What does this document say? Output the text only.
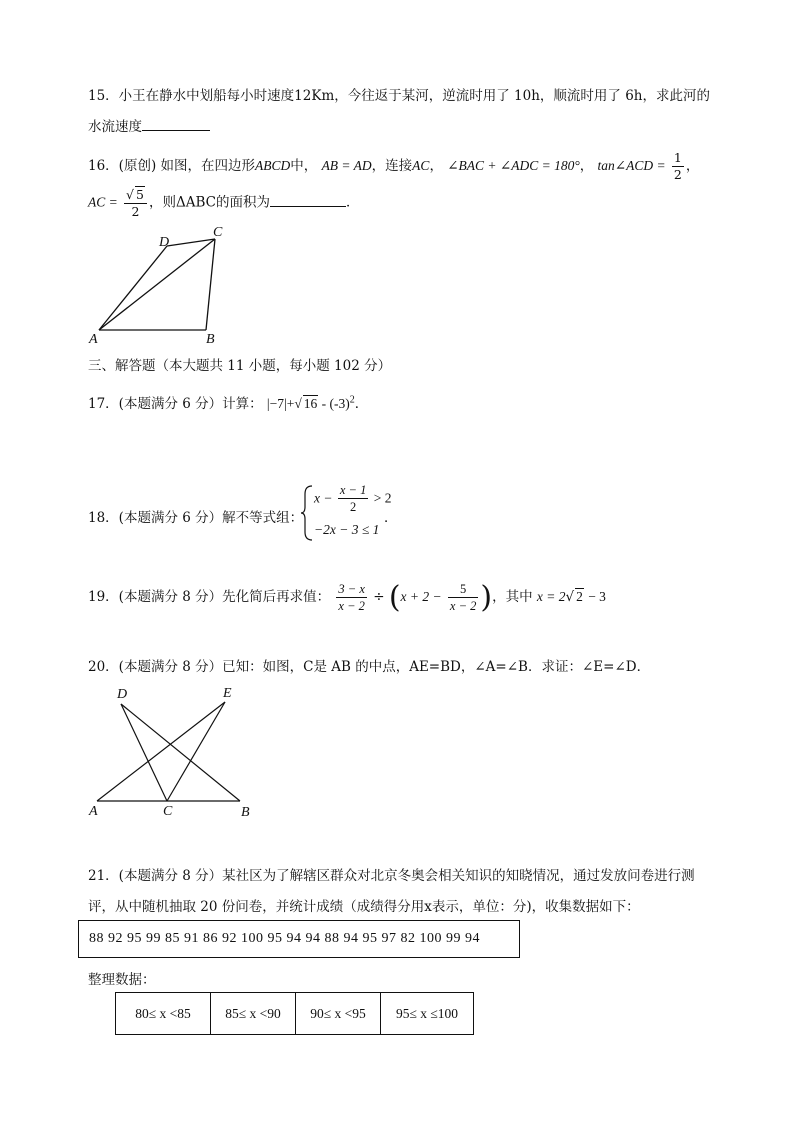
15．小王在静水中划船每小时速度12Km，今往返于某河，逆流时用了 10h，顺流时用了 6h，求此河的
水流速度
16．(原创) 如图，在四边形ABCD中， AB = AD，连接AC， ∠BAC + ∠ADC = 180°， tan∠ACD = $\frac{1}{2}$ ，
AC = $\frac{√ 5}{2}$ ，则ΔABC的面积为	．
D
C
A	B
三、解答题（本大题共 11 小题，每小题 102 分）
17．(本题满分 6 分）计算： |−7|+√ $16 - (-3)^2$．
18．(本题满分 6 分）解不等式组：
$x - \frac{x - 1}{2} > 2$
−2x − 3 ≤ 1
．
19．(本题满分 8 分）先化简后再求值： $\frac{3 - x}{x - 2} \div (x + 2 - \frac{5}{x - 2}$ )，其中 x = 2√ 2 − 3
20．(本题满分 8 分）已知：如图，C是 AB 的中点，AE=BD，∠A=∠B．求证：∠E=∠D．
D	E
A	C	B
21．(本题满分 8 分）某社区为了解辖区群众对北京冬奥会相关知识的知晓情况，通过发放问卷进行测
评，从中随机抽取 20 份问卷，并统计成绩（成绩得分用x表示，单位：分)，收集数据如下：
88 92 95 99 85 91 86 92 100 95 94 94 88 94 95 97 82 100 99 94
整理数据：
80≤ x <85	85≤ x <90	90≤ x <95	95≤ x ≤100
